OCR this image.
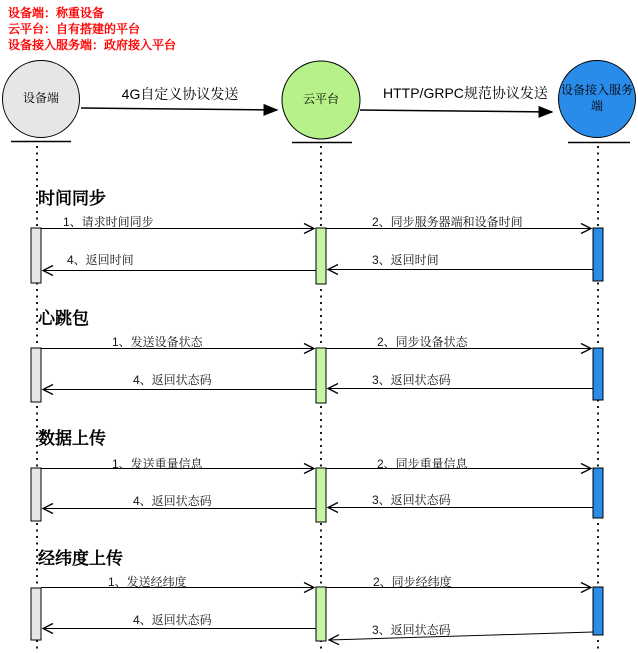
设备端：称重设备
云平台：自有搭建的平台
设备接入服务端：政府接入平台
设备端	云平台
设备接入服务端
4G自定义协议发送	HTTP/GRPC规范协议发送
时间同步
1、请求时间同步	2、同步服务器端和设备时间
3、返回时间
4、返回时间
心跳包
1、发送设备状态	2、同步设备状态
3、返回状态码
4、返回状态码
数据上传
1、发送重量信息	2、同步重量信息
3、返回状态码
4、返回状态码
经纬度上传
1、发送经纬度	2、同步经纬度
3、返回状态码
4、返回状态码
